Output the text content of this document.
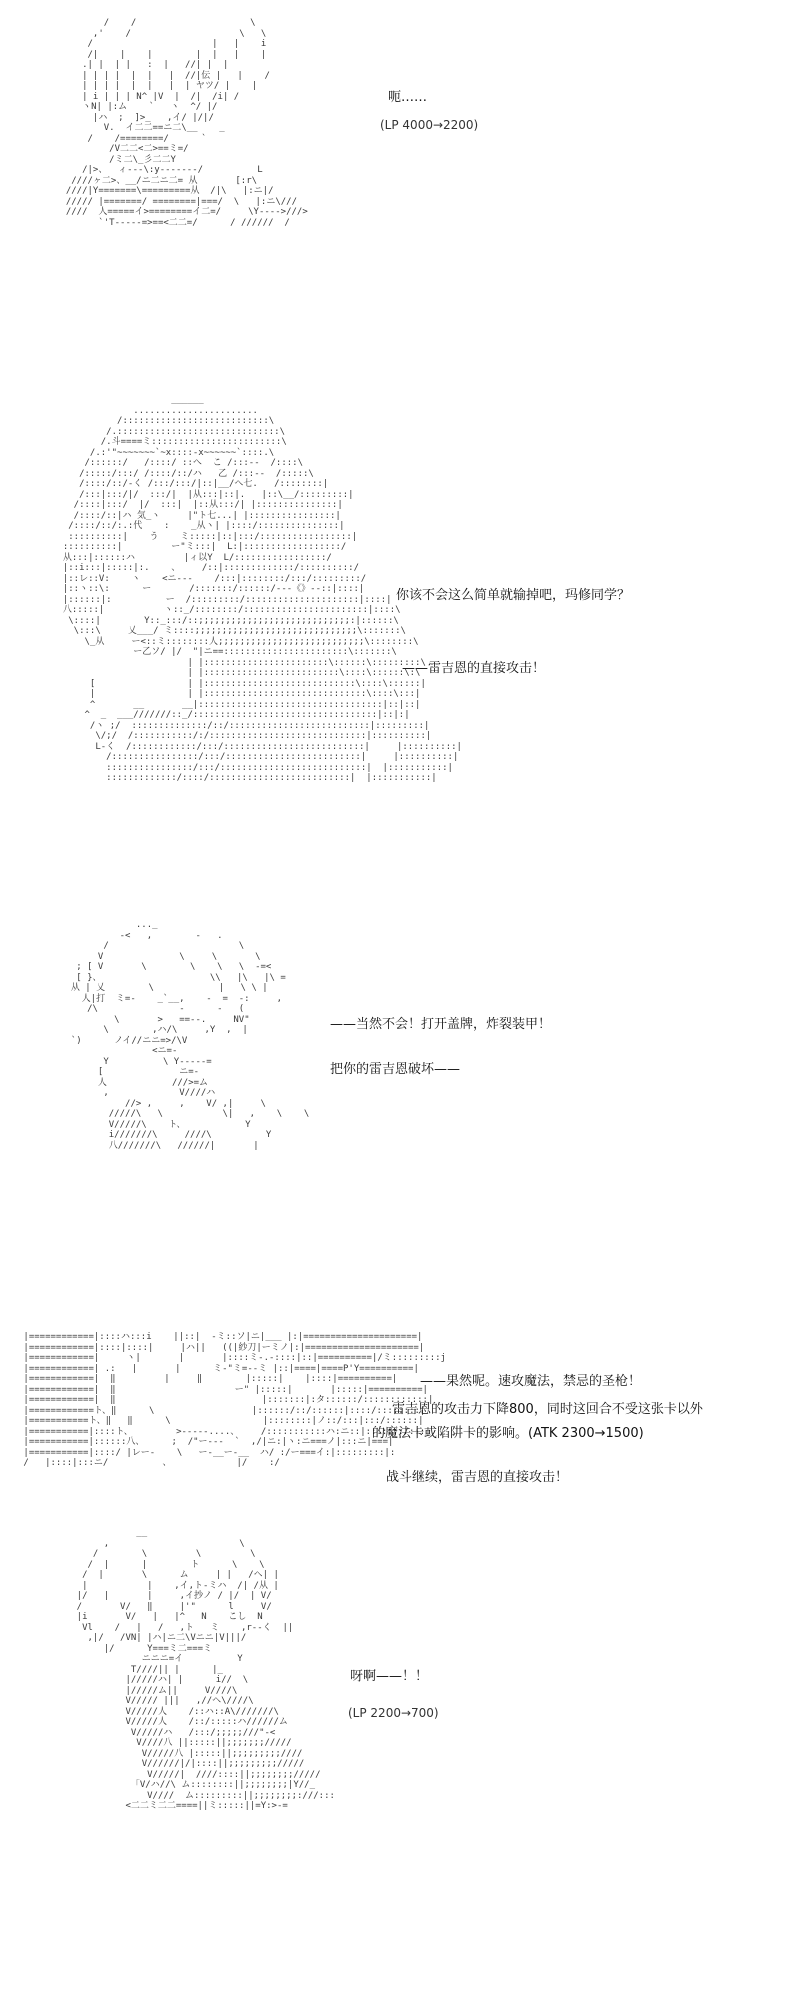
/    /                     \
,'    /                    \   \
/                      |   |    i
/|    |    |        |  |   |    |
.| |  | |   :  |   //| |  |
| | | |  |  |   |  //|伝 |   |    /
| | | |  |  |   |  | ヤツ/ |    |
| i | | | N^ |V  |  /|  /i| /
ヽN| |:ム    `   ヽ  ^/ |/
|ハ  ;  ]>_   ,イ/ |/|/
V.  イ二二==ニ二\__    _
/    /========/      `
/V二二<二>==ミ=/
/ミ二\_彡二二Y
/|>、  ィ---\:y-------/          L
////ヶ二>、__/ニ二ニ二= 从       [:r\
////|Y=======\=========从  /|\   |:ニ|/
///// |=======/ ========|===/  \   |:ニ\///
////  人=====イ>========イ二=/     \Y---->///>
`'T-----=>==<二二=/      / //////  /

呃……
(LP 4000→2200)
______
.......................
/:::::::::::::::::::::::::::\
/.::::::::::::::::::::::::::::::\
/.斗====ミ::::::::::::::::::::::::\
/.:'"~~~~~~~`~x::::-x~~~~~~`::::.\
/::::::/   /::::/ ::へ  こ /:::--  /::::\
/:::::/:::/ /::::/::/ハ   乙 /:::--  /:::::\
/::::/::/-く /:::/:::/|::|__/へ七.   /::::::::|
/:::|:::/|/  :::/|  |从:::|::|.   |::\__/:::::::::|
/::::|:::/  |/  :::|  |::从:::/| |:::::::::::::::|
/::::/::|ハ 気_ヽ     |"ト七...| |::::::::::::::::|
/::::/::/:.:代    :    _从ヽ| |::::/:::::::::::::::|
::::::::::|    う    ミ:::::|::|:::/:::::::::::::::::|
::::::::::|         ー"ミ:::|  L:|::::::::::::::::::/
从:::|::::::ハ         |ィ以Y  L/:::::::::::::::::/
|::i:::|:::::|:.    、    /::|:::::::::::::/::::::::::/
|::レ::V:    ヽ    <ニ---    /:::|::::::::/:::/:::::::::/
|::ヽ::\:      ー       /:::::::/::::::/---《》--::|::::|
|::::::|:          ー  /:::::::::/:::::::::::::::::::::|::::|
八:::::|           ヽ::_/::::::::/:::::::::::::::::::::::|::::\
\::::|        Y::_:::/::;;;;;;;;;;;;;;;;;;;;;;;;;;;;:|::::::\
\:::\     乂___/ ミ::::;;;;;;;;;;;;;;;;;;;;;;;;;;;;;;\:::::::\
\_从     ー<::ミ::::::::人;;;;;;;;;;;;;;;;;;;;;;;;;;;\::::::::\
ー乙ソ/ |/  "|ニ==:::::::::::::::::::::::\:::::::\
| |:::::::::::::::::::::::\::::::\:::::::::\
| |:::::::::::::::::::::::::\::::\::::::\:\
[                 | |::::::::::::::::::::::::::::\::::\::::::|
|                 | |::::::::::::::::::::::::::::::\::::\:::|
^       __       __|::::::::::::::::::::::::::::::::::|::|::|
^  _  ___///////::_/::::::::::::::::::::::::::::::::::|::|:|
/ヽ ;/  ::::::::::::::/::/::::::::::::::::::::::::::|:::::::::|
\/;/  /:::::::::::/:/:::::::::::::::::::::::::::::|::::::::::|
L-く  /::::::::::::/:::/::::::::::::::::::::::::::|     |::::::::::|
/::::::::::::::::/:::/:::::::::::::::::::::::::|     |::::::::::|
::::::::::::::::/:::/:::::::::::::::::::::::::::|  |:::::::::::|
:::::::::::::/::::/::::::::::::::::::::::::::|  |:::::::::::|

你该不会这么简单就输掉吧，玛修同学？
——雷吉恩的直接攻击！
..._
-<   ,        -   .
/                        \
V              \     \       \
; [ V       \        \    \   \  -=<
[ }、                    \\   |\   |\ =
从 | 乂        \            |   \ \ |
人|打  ミ=-    _`__,    -  =  -:     ,
/\               -      -   (
\       >   ==--.     NV"
\        ,ハ/\     ,Y  ,  |
`)      ノイ//ニニ=>/\V
<ニ=-
Y          \ Y-----=
[	ニ=-
人            ///>=ム
,             V////ハ
//> ,     ,    V/ ,|     \
/////\   \           \|   ,    \    \
V/////\    ト、           Y
i///////\     ////\          Y
八///////\   //////|       |

——当然不会！打开盖牌，炸裂装甲！
把你的雷吉恩破坏——
|============|::::ハ:::i    ||::|  -ミ::ソ|ニ|___ |:|=====================|
|============|::::|::::|     |ハ||   ((|紗刀|ーミノ|:|=====================|
|============|     ヽ|       |       |::::ミ-.-::::|::|==========|/ミ:::::::::j
|============| .:   |       |      ミ-"ミ=--ミ |::|====|====P'Y==========|
|============|  ‖         |     ‖        |:::::|    |::::|==========|
|============|  ‖                      ー" |:::::|       |:::::|==========|
|============|  ‖                           |:::::::|:タ::::::/::::::::::::|
|============ト、‖      \                  |::::::/::/::::::|::::/::::::::|
|===========ト、‖   ‖      \                 |::::::::|ノ::/:::|:::/::::::|
|===========|::::ト、        >-----....、    /:::::::::::ハ:ニ::|:::::::/:::|
|===========|::::::八、     ;  /"ー---  `  ,/|ニ:|ヽ:ニ===ノ|:::ニ|===|
|===========|::::/ |レー-    \   ー-__ー-__  ハ/ :/ー===イ:|:::::::::|:
/   |::::|:::ニ/          、            |/    :/

——果然呢。速攻魔法，禁忌的圣枪！
雷吉恩的攻击力下降800，同时这回合不受这张卡以外
的魔法卡或陷阱卡的影响。(ATK 2300→1500)
战斗继续，雷吉恩的直接攻击！
__
,                        \
/        \         \         \
/  |      |        ト      \    \
/  |       \      ム     | |   /ヘ| |
|           |    ,イ,ト-ミハ  /| /从 |
|/   |       |     ,イ抄ノ / |/  | V/
/       V/   ‖     |'"      l     V/
|i       V/   |   |^   N    こし  N
Vl    /   |   /   ,ト   ミ    ,r--く  ||
,|/   /VN| |ハ|ニ二\Vニニ|V|||/
|/      Y===ミ二===ミ
ニニニ=イ          Y
T////|| |      |_
|/////ハ| |      i//  \
|/////ム||     V////\
V///// |||   ,//ヘ\////\
V/////人    /::ハ::A\///////\
V/////人    /::/:::::ハ//////ム
V/////ハ   /:::/;;;;;///"-<
V////八 ||:::::||;;;;;;;/////
V/////八 |:::::||;;;;;;;;;////
V//////|/|::::||;;;;;;;;;/////
V/////|  ////::::||;;;;;;;;/////
「V/ハ//\ ム::::::::||;;;;;;;;|Y//_
V////  ム:::::::::||;;;;;;;;:///:::
<二二ミ二二====||ミ:::::||=Y:>-=

呀啊——！！
(LP 2200→700)
